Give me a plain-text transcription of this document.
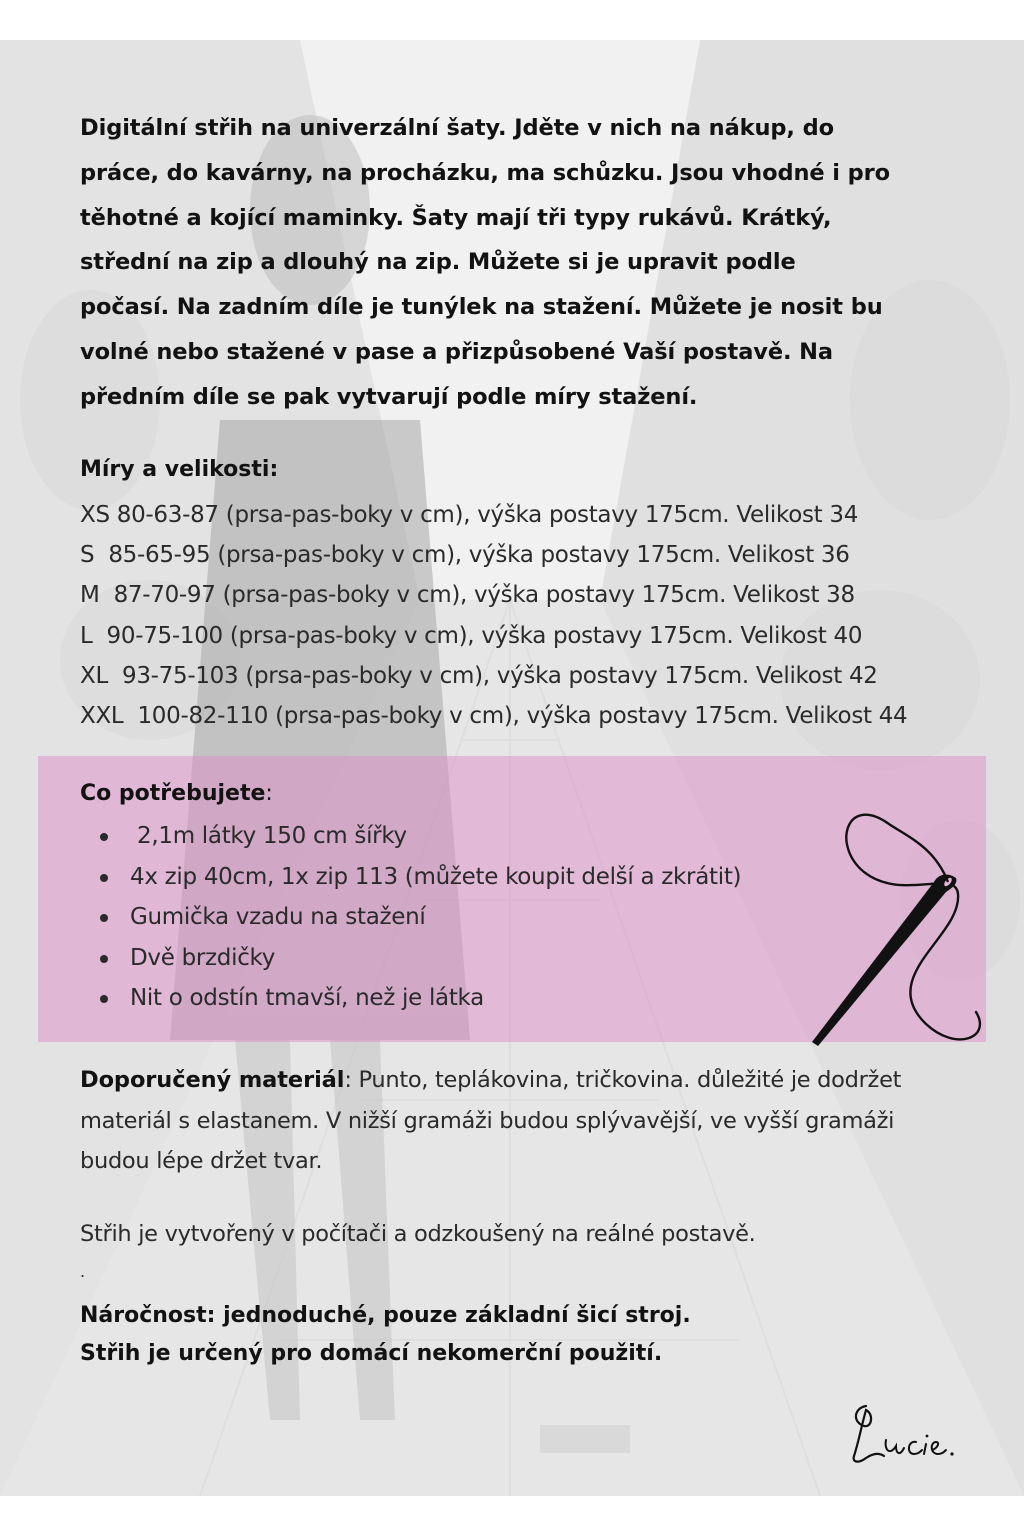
Digitální střih na univerzální šaty. Jděte v nich na nákup, do
práce, do kavárny, na procházku, ma schůzku. Jsou vhodné i pro
těhotné a kojící maminky. Šaty mají tři typy rukávů. Krátký,
střední na zip a dlouhý na zip. Můžete si je upravit podle
počasí. Na zadním díle je tunýlek na stažení. Můžete je nosit bu
volné nebo stažené v pase a přizpůsobené Vaší postavě. Na
předním díle se pak vytvarují podle míry stažení.

Míry a velikosti:
XS 80-63-87 (prsa-pas-boky v cm), výška postavy 175cm. Velikost 34
S  85-65-95 (prsa-pas-boky v cm), výška postavy 175cm. Velikost 36
M  87-70-97 (prsa-pas-boky v cm), výška postavy 175cm. Velikost 38
L  90-75-100 (prsa-pas-boky v cm), výška postavy 175cm. Velikost 40
XL  93-75-103 (prsa-pas-boky v cm), výška postavy 175cm. Velikost 42
XXL  100-82-110 (prsa-pas-boky v cm), výška postavy 175cm. Velikost 44
Co potřebujete:
2,1m látky 150 cm šířky
4x zip 40cm, 1x zip 113 (můžete koupit delší a zkrátit)
Gumička vzadu na stažení
Dvě brzdičky
Nit o odstín tmavší, než je látka

Doporučený materiál: Punto, teplákovina, tričkovina. důležité je dodržet
materiál s elastanem. V nižší gramáži budou splývavější, ve vyšší gramáži
budou lépe držet tvar.

Střih je vytvořený v počítači a odzkoušený na reálné postavě.

.

Náročnost: jednoduché, pouze základní šicí stroj.

Střih je určený pro domácí nekomerční použití.
